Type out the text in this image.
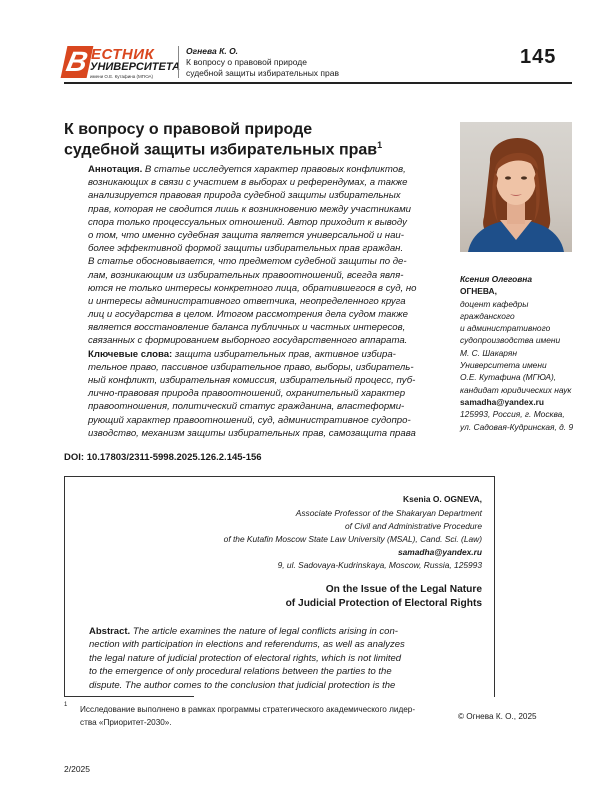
В ЕСТНИК
УНИВЕРСИТЕТА
имени О.Е. Кутафина (МГЮА)
Огнева К. О.
К вопросу о правовой природе
судебной защиты избирательных прав
145
К вопросу о правовой природе
судебной защиты избирательных прав1
Аннотация. В статье исследуется характер правовых конфликтов,
возникающих в связи с участием в выборах и референдумах, а также
анализируется правовая природа судебной защиты избирательных
прав, которая не сводится лишь к возникновению между участниками
спора только процессуальных отношений. Автор приходит к выводу
о том, что именно судебная защита является универсальной и наи-
более эффективной формой защиты избирательных прав граждан.
В статье обосновывается, что предметом судебной защиты по де-
лам, возникающим из избирательных правоотношений, всегда явля-
ются не только интересы конкретного лица, обратившегося в суд, но
и интересы административного ответчика, неопределенного круга
лиц и государства в целом. Итогом рассмотрения дела судом также
является восстановление баланса публичных и частных интересов,
связанных с формированием выборного государственного аппарата.
Ключевые слова: защита избирательных прав, активное избира-
тельное право, пассивное избирательное право, выборы, избиратель-
ный конфликт, избирательная комиссия, избирательный процесс, пуб-
лично-правовая природа правоотношений, охранительный характер
правоотношения, политический статус гражданина, властеформи-
рующий характер правоотношений, суд, административное судопро-
изводство, механизм защиты избирательных прав, самозащита права
Ксения Олеговна
ОГНЕВА,
доцент кафедры
гражданского
и административного
судопроизводства имени
М. С. Шакарян
Университета имени
О.Е. Кутафина (МГЮА),
кандидат юридических наук
samadha@yandex.ru
125993, Россия, г. Москва,
ул. Садовая-Кудринская, д. 9
DOI: 10.17803/2311-5998.2025.126.2.145-156
Ksenia O. OGNEVA,
Associate Professor of the Shakaryan Department
of Civil and Administrative Procedure
of the Kutafin Moscow State Law University (MSAL), Cand. Sci. (Law)
samadha@yandex.ru
9, ul. Sadovaya-Kudrinskaya, Moscow, Russia, 125993
On the Issue of the Legal Nature
of Judicial Protection of Electoral Rights
Abstract. The article examines the nature of legal conflicts arising in con-
nection with participation in elections and referendums, as well as analyzes
the legal nature of judicial protection of electoral rights, which is not limited
to the emergence of only procedural relations between the parties to the
dispute. The author comes to the conclusion that judicial protection is the
1 Исследование выполнено в рамках программы стратегического академического лидер-
ства «Приоритет-2030».
© Огнева К. О., 2025
2/2025
